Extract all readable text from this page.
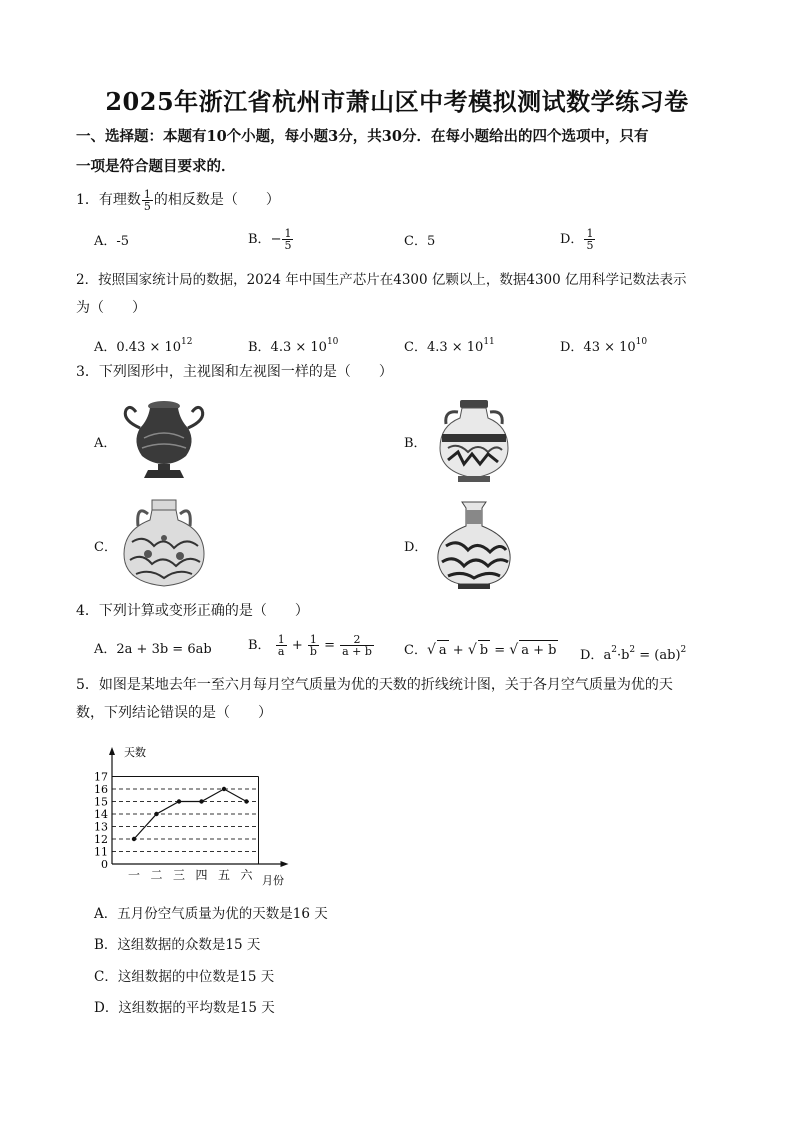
2025年浙江省杭州市萧山区中考模拟测试数学练习卷
一、选择题：本题有10个小题，每小题3分，共30分．在每小题给出的四个选项中，只有
一项是符合题目要求的．
1．有理数 $\frac{1}{5}$ 的相反数是（　　）
A．-5	B．− $\frac{1}{5}$	C．5	D． $\frac{1}{5}$
2．按照国家统计局的数据，2024 年中国生产芯片在4300 亿颗以上，数据4300 亿用科学记数法表示
为（　　）
A．$0.43 \times 10^{12}$	B．$4.3 \times 10^{10}$	C．$4.3 \times 10^{11}$	D．$43 \times 10^{10}$
3．下列图形中，主视图和左视图一样的是（　　）
A．	B．
C．	D．
4．下列计算或变形正确的是（　　）
A．2a + 3b = 6ab	B． $\frac{1}{a} + \frac{1}{b} = \frac{2}{a + b}$ C．√ a + √ b = √ a + b D．$a^2\cdot b^2 = (ab)^2$
5．如图是某地去年一至六月每月空气质量为优的天数的折线统计图，关于各月空气质量为优的天
数，下列结论错误的是（　　）
天数
月份
17
16
15
14
13
12
11
0
一 二 三 四 五 六
A．五月份空气质量为优的天数是16 天
B．这组数据的众数是15 天
C．这组数据的中位数是15 天
D．这组数据的平均数是15 天
